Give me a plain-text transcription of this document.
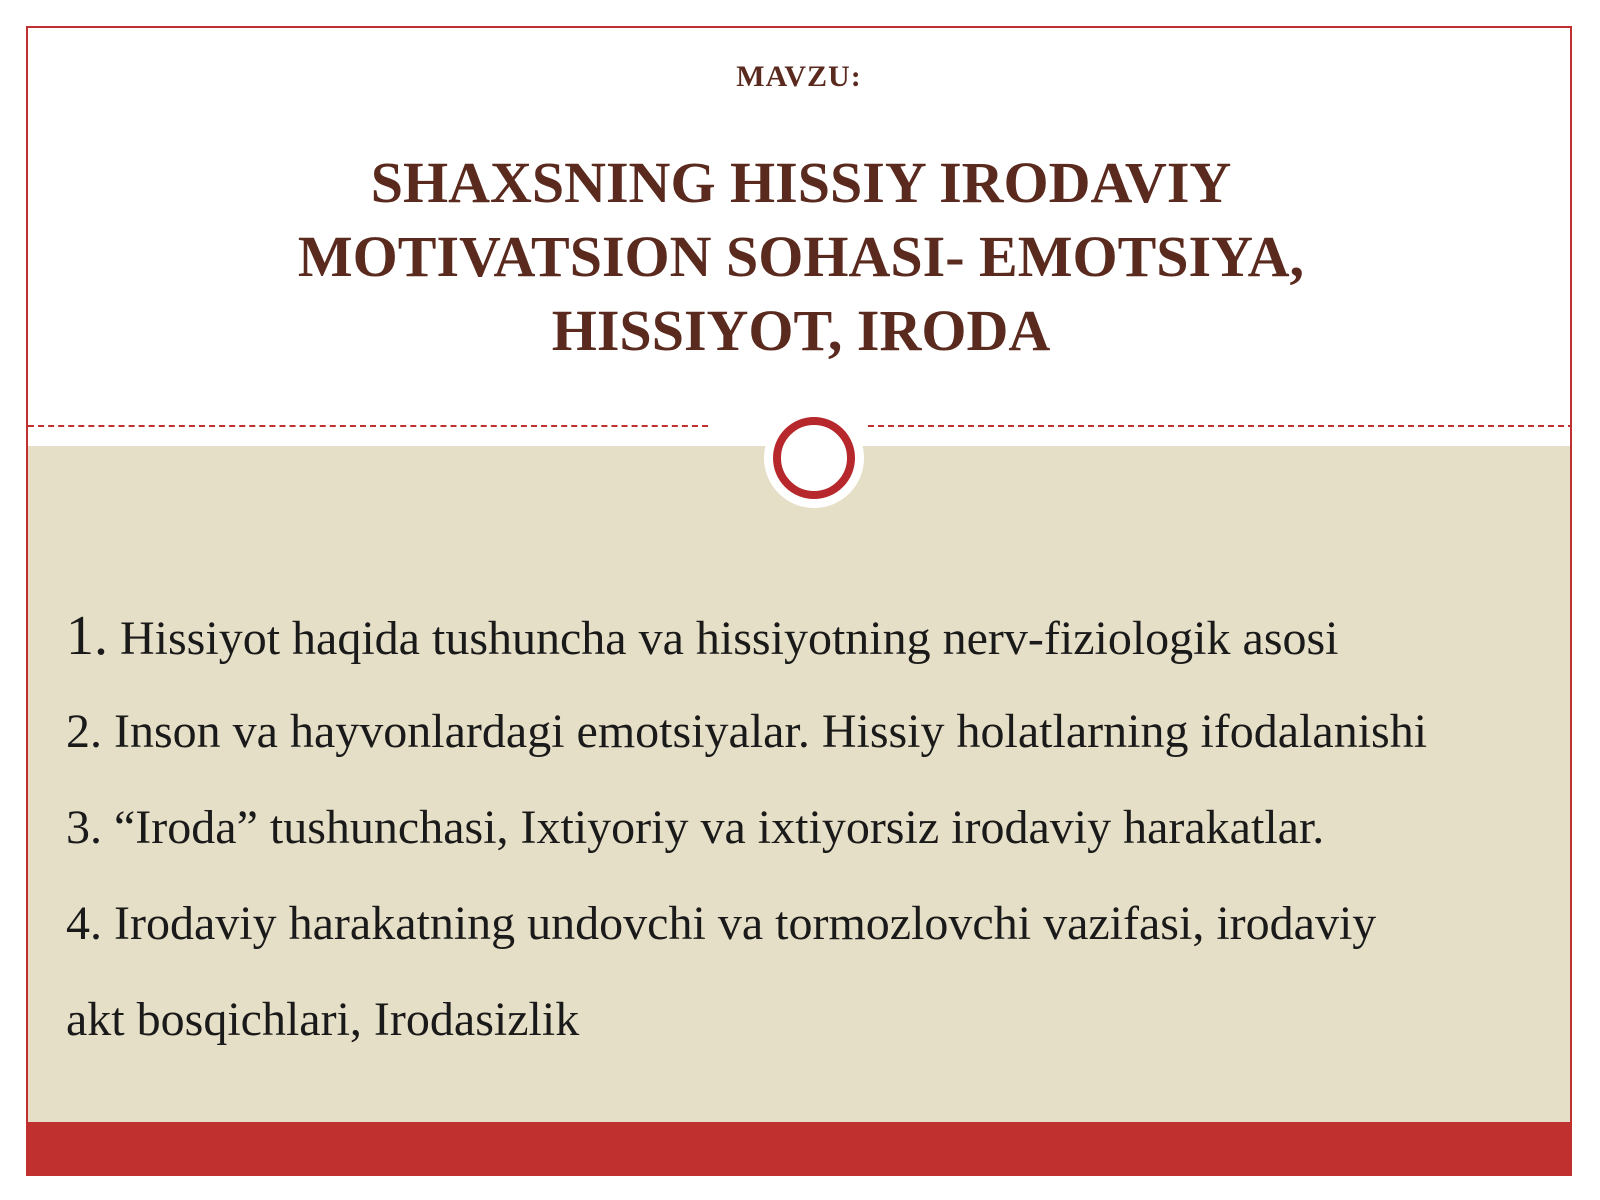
MAVZU:
SHAXSNING HISSIY IRODAVIY MOTIVATSION SOHASI- EMOTSIYA, HISSIYOT, IRODA
1. Hissiyot haqida tushuncha va hissiyotning nerv-fiziologik asosi
2. Inson va hayvonlardagi emotsiyalar. Hissiy holatlarning ifodalanishi
3. “Iroda” tushunchasi, Ixtiyoriy va ixtiyorsiz irodaviy harakatlar.
4. Irodaviy harakatning undovchi va tormozlovchi vazifasi, irodaviy
akt bosqichlari, Irodasizlik
